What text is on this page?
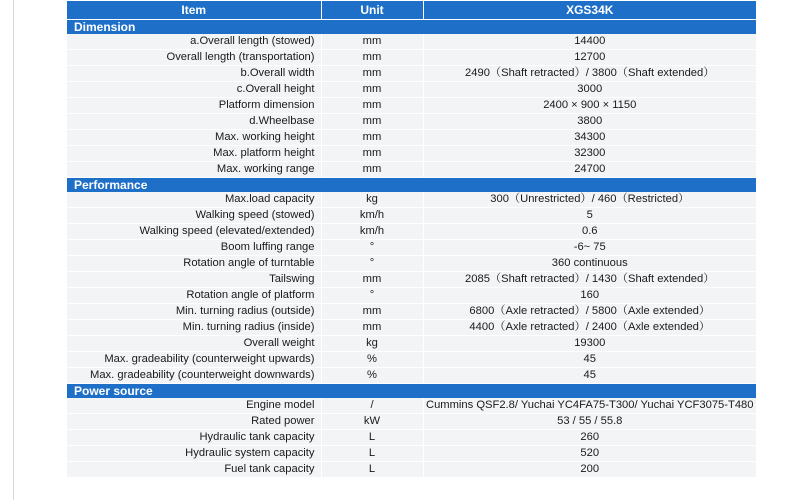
Item	Unit	XGS34K
Dimension		
a.Overall length (stowed)	mm	14400
Overall length (transportation)	mm	12700
b.Overall width	mm	2490（Shaft retracted）/ 3800（Shaft extended）
c.Overall height	mm	3000
Platform dimension	mm	2400 × 900 × 1150
d.Wheelbase	mm	3800
Max. working height	mm	34300
Max. platform height	mm	32300
Max. working range	mm	24700
Performance		
Max.load capacity	kg	300（Unrestricted）/ 460（Restricted）
Walking speed (stowed)	km/h	5
Walking speed (elevated/extended)	km/h	0.6
Boom luffing range	°	-6~ 75
Rotation angle of turntable	°	360 continuous
Tailswing	mm	2085（Shaft retracted）/ 1430（Shaft extended）
Rotation angle of platform	°	160
Min. turning radius (outside)	mm	6800（Axle retracted）/ 5800（Axle extended）
Min. turning radius (inside)	mm	4400（Axle retracted）/ 2400（Axle extended）
Overall weight	kg	19300
Max. gradeability (counterweight upwards)	%	45
Max. gradeability (counterweight downwards)	%	45
Power source		
Engine model	/	Cummins QSF2.8/ Yuchai YC4FA75-T300/ Yuchai YCF3075-T480
Rated power	kW	53 / 55 / 55.8
Hydraulic tank capacity	L	260
Hydraulic system capacity	L	520
Fuel tank capacity	L	200
